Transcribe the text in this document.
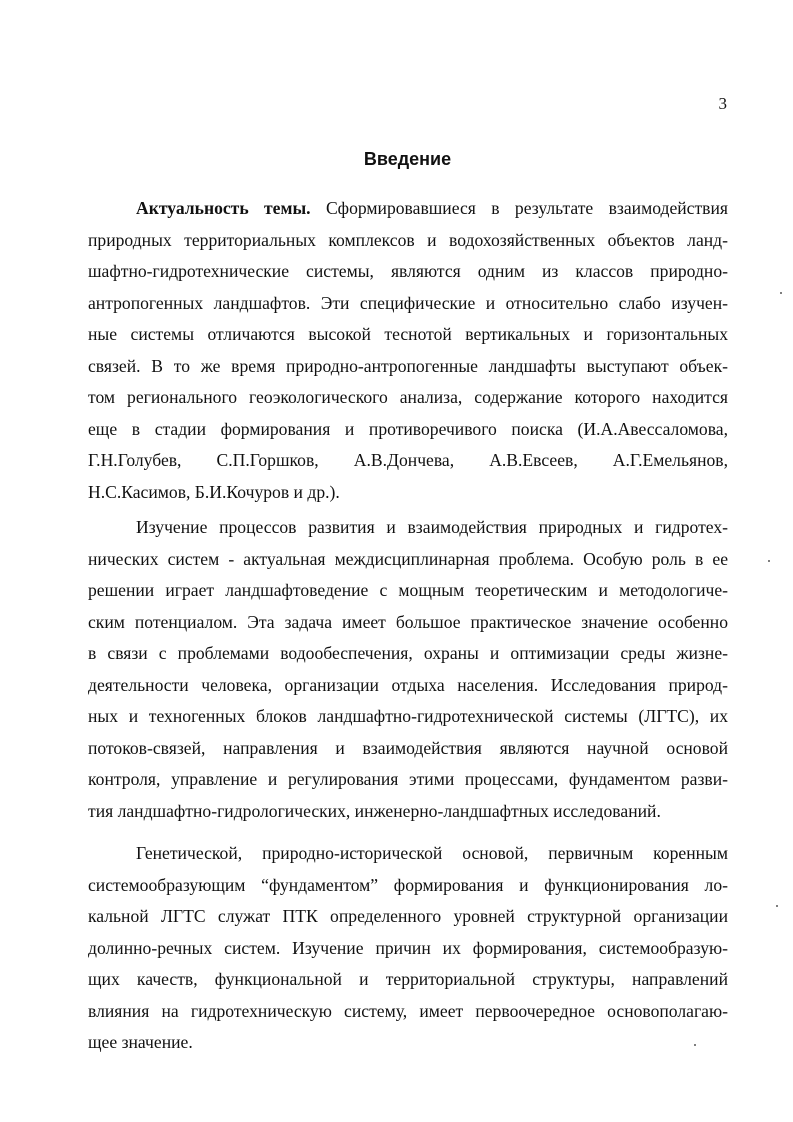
3
Введение
Актуальность темы. Сформировавшиеся в результате взаимодействия
природных территориальных комплексов и водохозяйственных объектов ланд-
шафтно-гидротехнические системы, являются одним из классов природно-
антропогенных ландшафтов. Эти специфические и относительно слабо изучен-
ные системы отличаются высокой теснотой вертикальных и горизонтальных
связей. В то же время природно-антропогенные ландшафты выступают объек-
том регионального геоэкологического анализа, содержание которого находится
еще в стадии формирования и противоречивого поиска (И.А.Авессаломова,
Г.Н.Голубев, С.П.Горшков, А.В.Дончева, А.В.Евсеев, А.Г.Емельянов,
Н.С.Касимов, Б.И.Кочуров и др.).
Изучение процессов развития и взаимодействия природных и гидротех-
нических систем - актуальная междисциплинарная проблема. Особую роль в ее
решении играет ландшафтоведение с мощным теоретическим и методологиче-
ским потенциалом. Эта задача имеет большое практическое значение особенно
в связи с проблемами водообеспечения, охраны и оптимизации среды жизне-
деятельности человека, организации отдыха населения. Исследования природ-
ных и техногенных блоков ландшафтно-гидротехнической системы (ЛГТС), их
потоков-связей, направления и взаимодействия являются научной основой
контроля, управление и регулирования этими процессами, фундаментом разви-
тия ландшафтно-гидрологических, инженерно-ландшафтных исследований.
Генетической, природно-исторической основой, первичным коренным
системообразующим “фундаментом” формирования и функционирования ло-
кальной ЛГТС служат ПТК определенного уровней структурной организации
долинно-речных систем. Изучение причин их формирования, системообразую-
щих качеств, функциональной и территориальной структуры, направлений
влияния на гидротехническую систему, имеет первоочередное основополагаю-
щее значение.
